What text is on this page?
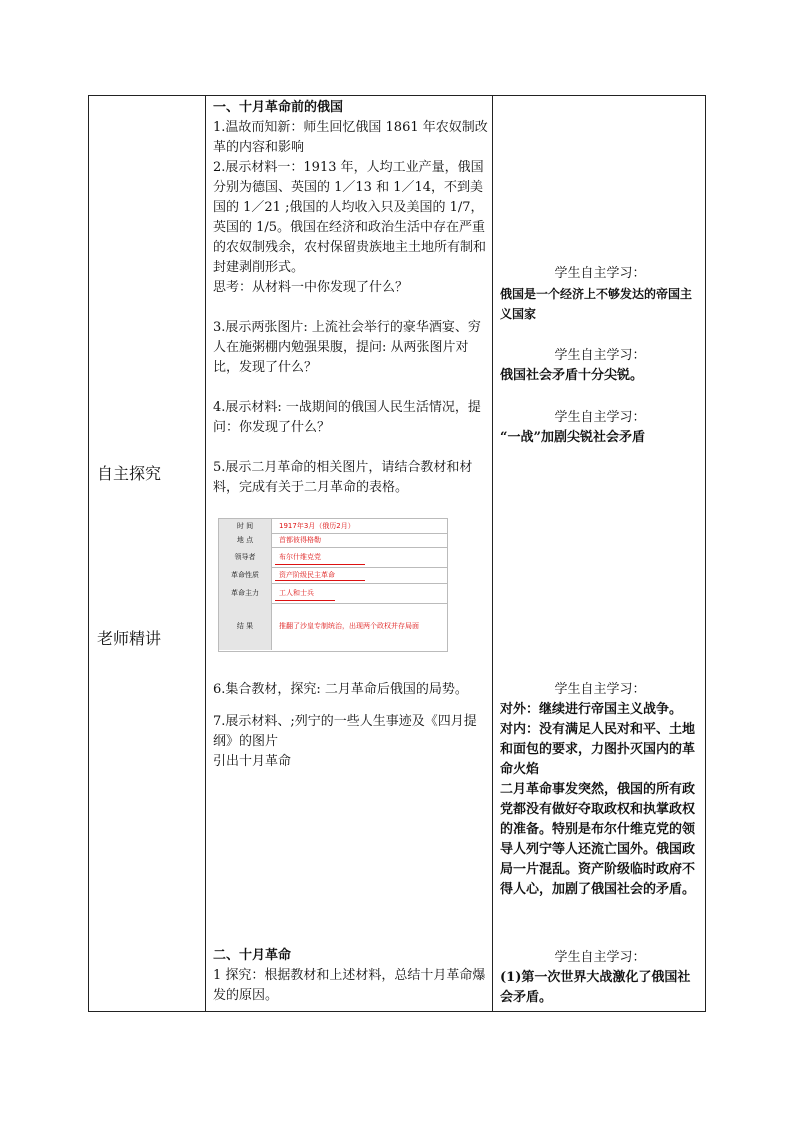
自主探究
老师精讲

一、十月革命前的俄国

1.温故而知新：师生回忆俄国 1861 年农奴制改革的内容和影响

2.展示材料一：1913 年，人均工业产量，俄国分别为德国、英国的 1／13 和 1／14，不到美国的 1／21 ;俄国的人均收入只及美国的 1/7，英国的 1/5。俄国在经济和政治生活中存在严重的农奴制残余，农村保留贵族地主土地所有制和封建剥削形式。

思考：从材料一中你发现了什么？

3.展示两张图片: 上流社会举行的豪华酒宴、穷人在施粥棚内勉强果腹，提问: 从两张图片对比，发现了什么？

4.展示材料: 一战期间的俄国人民生活情况，提问：你发现了什么？

5.展示二月革命的相关图片，请结合教材和材料，完成有关于二月革命的表格。

时 间	1917年3月（俄历2月）
地 点	首都彼得格勒
领导者	布尔什维克党
革命性质	资产阶级民主革命
革命主力	工人和士兵
结 果	推翻了沙皇专制统治，出现两个政权并存局面

6.集合教材，探究: 二月革命后俄国的局势。

7.展示材料、;列宁的一些人生事迹及《四月提纲》的图片

引出十月革命

二、十月革命

1 探究：根据教材和上述材料，总结十月革命爆发的原因。

学生自主学习：

俄国是一个经济上不够发达的帝国主义国家

学生自主学习：

俄国社会矛盾十分尖锐。

学生自主学习：

“一战”加剧尖锐社会矛盾

学生自主学习：

对外：继续进行帝国主义战争。

对内：没有满足人民对和平、土地和面包的要求，力图扑灭国内的革命火焰

二月革命事发突然，俄国的所有政党都没有做好夺取政权和执掌政权的准备。特别是布尔什维克党的领导人列宁等人还流亡国外。俄国政局一片混乱。资产阶级临时政府不得人心，加剧了俄国社会的矛盾。

学生自主学习：

(1)第一次世界大战激化了俄国社会矛盾。
